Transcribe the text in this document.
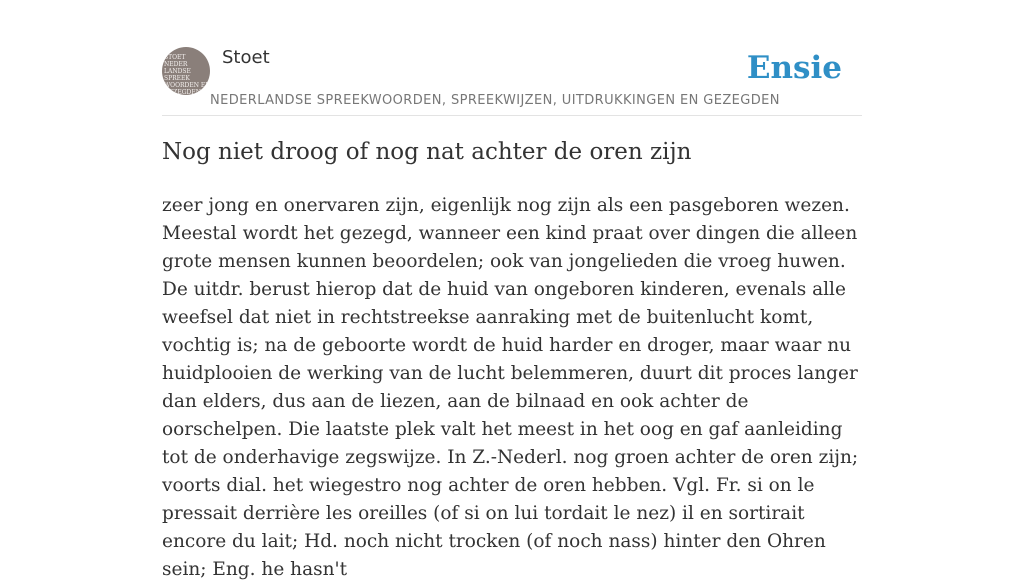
STOET
NEDER
LANDSE
SPREEK
WOORDEN EN
GEZEGDEN
Stoet
NEDERLANDSE SPREEKWOORDEN, SPREEKWIJZEN, UITDRUKKINGEN EN GEZEGDEN
Ensie
Nog niet droog of nog nat achter de oren zijn

zeer jong en onervaren zijn, eigenlijk nog zijn als een pasgeboren wezen. Meestal wordt het gezegd, wanneer een kind praat over dingen die alleen grote mensen kunnen beoordelen; ook van jongelieden die vroeg huwen. De uitdr. berust hierop dat de huid van ongeboren kinderen, evenals alle weefsel dat niet in rechtstreekse aanraking met de buitenlucht komt, vochtig is; na de geboorte wordt de huid harder en droger, maar waar nu huidplooien de werking van de lucht belemmeren, duurt dit proces langer dan elders, dus aan de liezen, aan de bilnaad en ook achter de oorschelpen. Die laatste plek valt het meest in het oog en gaf aanleiding tot de onderhavige zegswijze. In Z.-Nederl. nog groen achter de oren zijn; voorts dial. het wiegestro nog achter de oren hebben. Vgl. Fr. si on le pressait derrière les oreilles (of si on lui tordait le nez) il en sortirait encore du lait; Hd. noch nicht trocken (of noch nass) hinter den Ohren sein; Eng. he hasn't
